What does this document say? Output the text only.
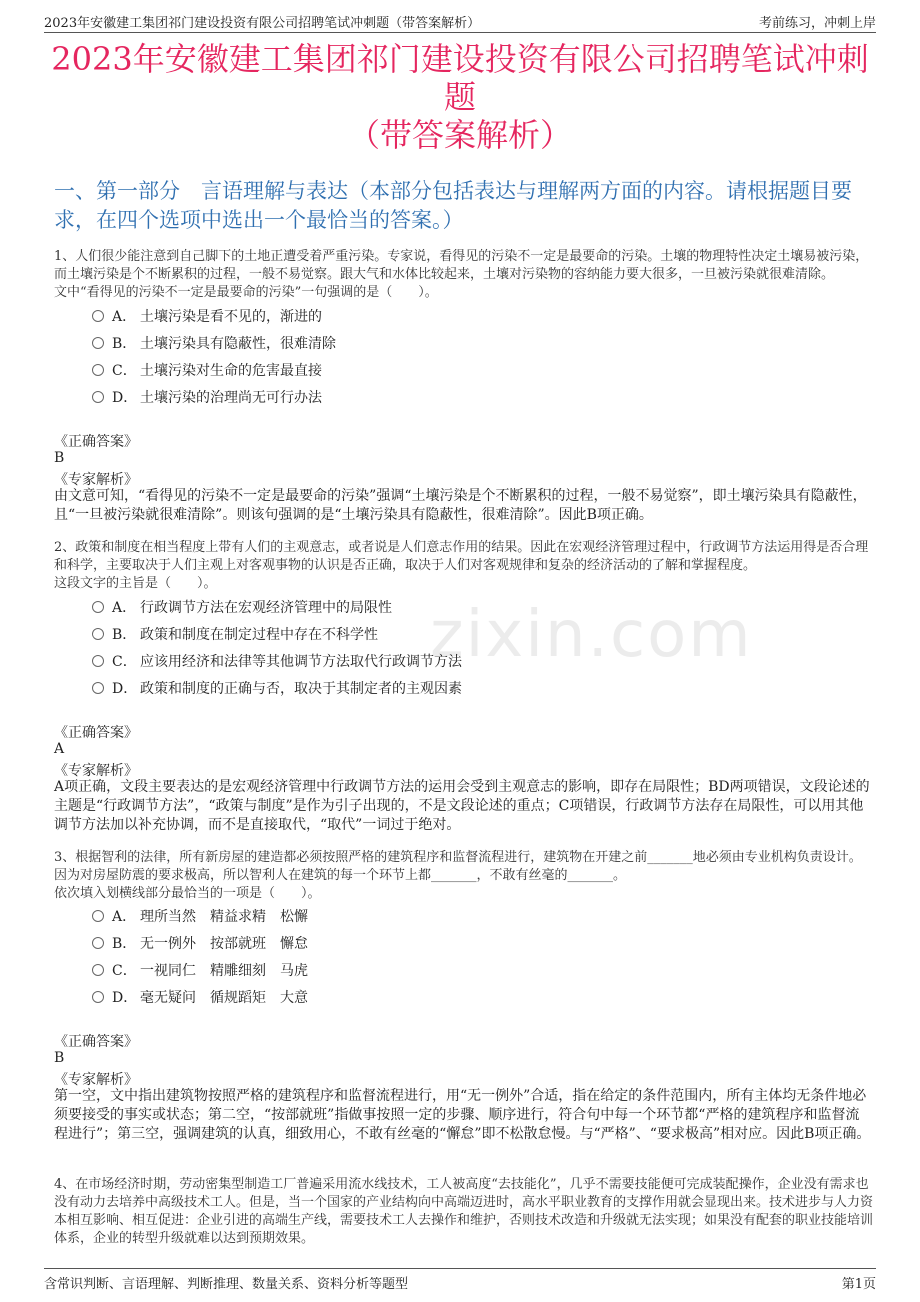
2023年安徽建工集团祁门建设投资有限公司招聘笔试冲刺题（带答案解析）	考前练习，冲刺上岸
2023年安徽建工集团祁门建设投资有限公司招聘笔试冲刺题
（带答案解析）
一、第一部分　言语理解与表达（本部分包括表达与理解两方面的内容。请根据题目要求，在四个选项中选出一个最恰当的答案。）
zixin.com

1、人们很少能注意到自己脚下的土地正遭受着严重污染。专家说，看得见的污染不一定是最要命的污染。土壤的物理特性决定土壤易被污染，而土壤污染是个不断累积的过程，一般不易觉察。跟大气和水体比较起来，土壤对污染物的容纳能力要大很多，一旦被污染就很难清除。

文中“看得见的污染不一定是最要命的污染”一句强调的是（　　）。

A． 土壤污染是看不见的，渐进的
B． 土壤污染具有隐蔽性，很难清除
C． 土壤污染对生命的危害最直接
D． 土壤污染的治理尚无可行办法
《正确答案》
B
《专家解析》
由文意可知，“看得见的污染不一定是最要命的污染”强调“土壤污染是个不断累积的过程，一般不易觉察”，即土壤污染具有隐蔽性，且“一旦被污染就很难清除”。则该句强调的是“土壤污染具有隐蔽性，很难清除”。因此B项正确。

2、政策和制度在相当程度上带有人们的主观意志，或者说是人们意志作用的结果。因此在宏观经济管理过程中，行政调节方法运用得是否合理和科学，主要取决于人们主观上对客观事物的认识是否正确，取决于人们对客观规律和复杂的经济活动的了解和掌握程度。

这段文字的主旨是（　　）。

A． 行政调节方法在宏观经济管理中的局限性
B． 政策和制度在制定过程中存在不科学性
C． 应该用经济和法律等其他调节方法取代行政调节方法
D． 政策和制度的正确与否，取决于其制定者的主观因素
《正确答案》
A
《专家解析》
A项正确，文段主要表达的是宏观经济管理中行政调节方法的运用会受到主观意志的影响，即存在局限性；BD两项错误，文段论述的主题是“行政调节方法”，“政策与制度”是作为引子出现的，不是文段论述的重点；C项错误，行政调节方法存在局限性，可以用其他调节方法加以补充协调，而不是直接取代，“取代”一词过于绝对。

3、根据智利的法律，所有新房屋的建造都必须按照严格的建筑程序和监督流程进行，建筑物在开建之前_______地必须由专业机构负责设计。因为对房屋防震的要求极高，所以智利人在建筑的每一个环节上都_______，不敢有丝毫的_______。

依次填入划横线部分最恰当的一项是（　　）。

A． 理所当然　精益求精　松懈
B． 无一例外　按部就班　懈怠
C． 一视同仁　精雕细刻　马虎
D． 毫无疑问　循规蹈矩　大意
《正确答案》
B
《专家解析》
第一空，文中指出建筑物按照严格的建筑程序和监督流程进行，用“无一例外”合适，指在给定的条件范围内，所有主体均无条件地必须要接受的事实或状态；第二空，“按部就班”指做事按照一定的步骤、顺序进行，符合句中每一个环节都“严格的建筑程序和监督流程进行”；第三空，强调建筑的认真，细致用心，不敢有丝毫的“懈怠”即不松散怠慢。与“严格”、“要求极高”相对应。因此B项正确。

4、在市场经济时期，劳动密集型制造工厂普遍采用流水线技术，工人被高度“去技能化”，几乎不需要技能便可完成装配操作，企业没有需求也没有动力去培养中高级技术工人。但是，当一个国家的产业结构向中高端迈进时，高水平职业教育的支撑作用就会显现出来。技术进步与人力资本相互影响、相互促进：企业引进的高端生产线，需要技术工人去操作和维护，否则技术改造和升级就无法实现；如果没有配套的职业技能培训体系，企业的转型升级就难以达到预期效果。

含常识判断、言语理解、判断推理、数量关系、资料分析等题型	第1页
